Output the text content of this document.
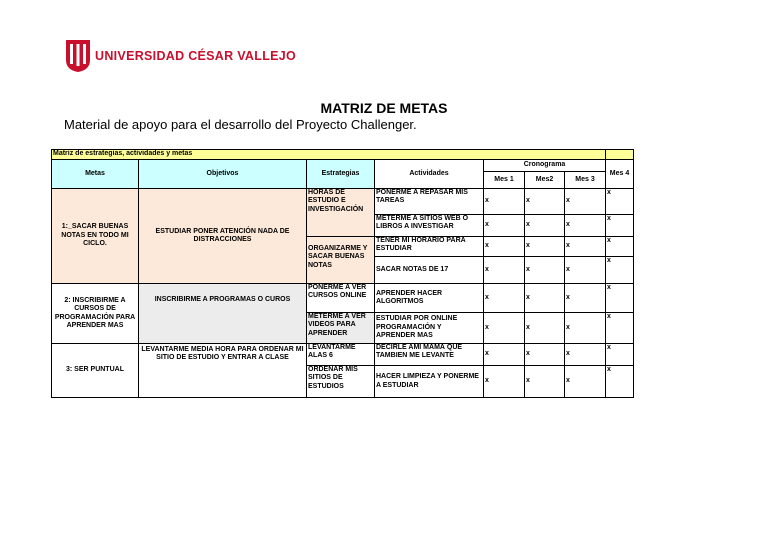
UNIVERSIDAD CÉSAR VALLEJO
MATRIZ DE METAS
Material de apoyo para el desarrollo del Proyecto Challenger.
Matriz de estrategias, actividades y metas							
Metas	Objetivos	Estrategias	Actividades	Cronograma			Mes 4
				Mes 1	Mes2	Mes 3	
1:_SACAR BUENAS NOTAS EN TODO MI CICLO.	ESTUDIAR PONER ATENCIÓN NADA DE DISTRACCIONES	HORAS DE ESTUDIO E INVESTIGACIÓN	PONERME A REPASAR MIS TAREAS	x	x	x	x
			METERME A SITIOS WEB O LIBROS A INVESTIGAR	x	x	x	x
		ORGANIZARME Y SACAR BUENAS NOTAS	TENER MI HORARIO PARA ESTUDIAR	x	x	x	x
			SACAR NOTAS DE 17	x	x	x	x
2: INSCRIBIRME A CURSOS DE PROGRAMACIÓN PARA APRENDER MAS	INSCRIBIRME A PROGRAMAS O CUROS	PONERME A VER CURSOS ONLINE	APRENDER HACER ALGORITMOS	x	x	x	x
		METERME A VER VIDEOS PARA APRENDER	ESTUDIAR POR ONLINE PROGRAMACIÓN Y APRENDER MAS	x	x	x	x
3: SER PUNTUAL	LEVANTARME MEDIA HORA PARA ORDENAR MI SITIO DE ESTUDIO Y ENTRAR A CLASE	LEVANTARME ALAS 6	DECIRLE AMI MAMÁ QUE TAMBIEN ME LEVANTE	x	x	x	x
		ORDENAR MIS SITIOS DE ESTUDIOS	HACER LIMPIEZA Y PONERME A ESTUDIAR	x	x	x	x
